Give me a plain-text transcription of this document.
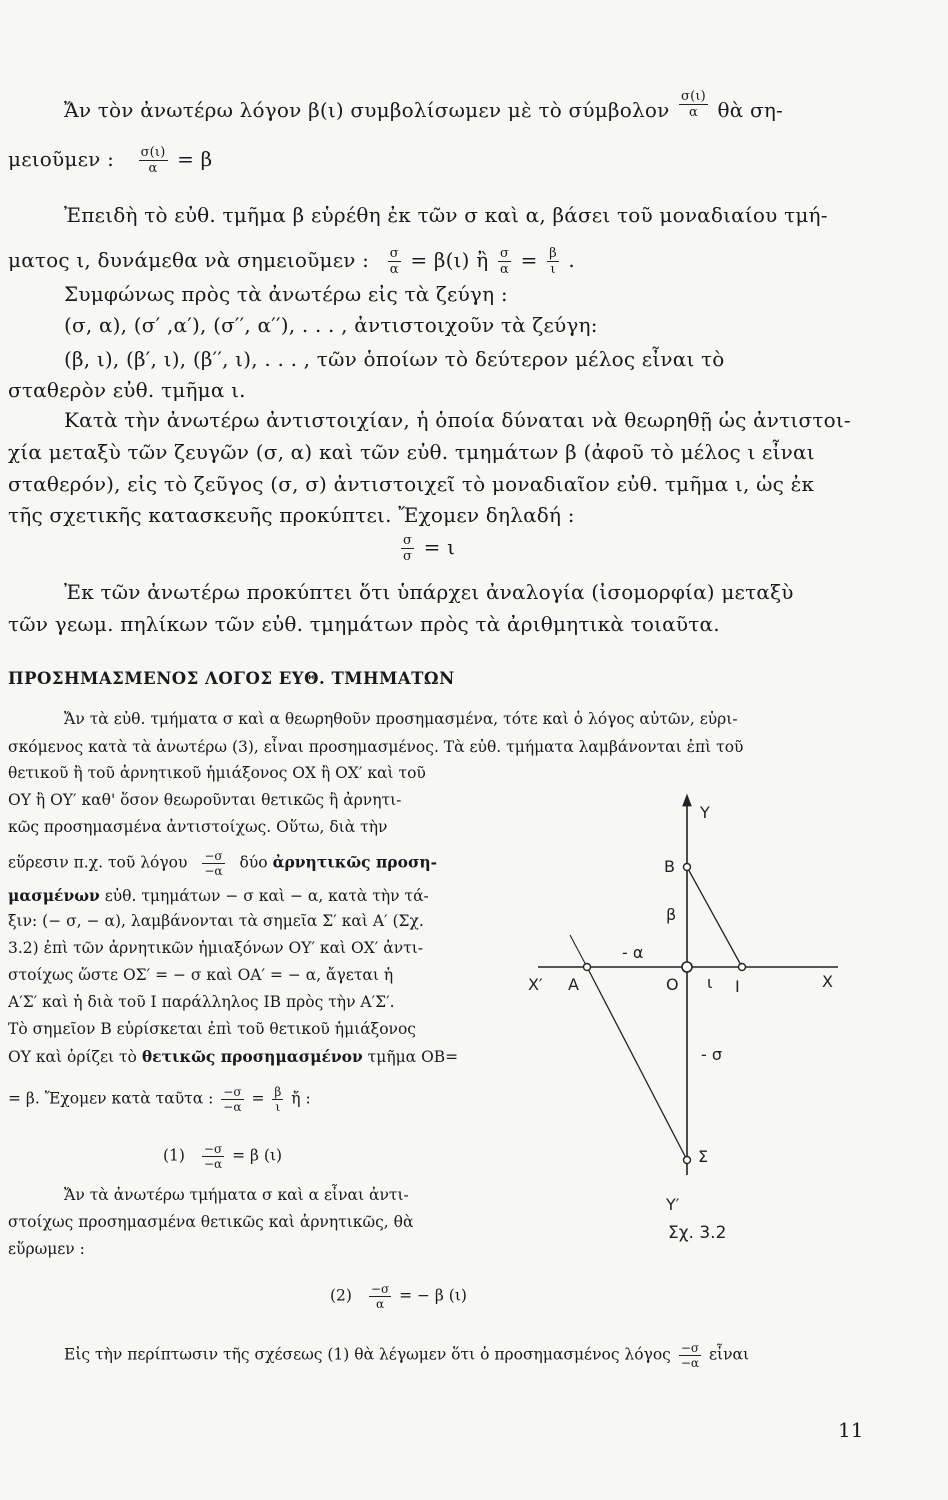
Ἄν τὸν ἀνωτέρω λόγον β(ι) συμβολίσωμεν μὲ τὸ σύμβολον $\frac{\sigma(\iota)}{\alpha}$ θὰ ση-
μειοῦμεν : $\frac{\sigma(\iota)}{\alpha} = \beta$
Ἐπειδὴ τὸ εὐθ. τμῆμα β εὑρέθη ἐκ τῶν σ καὶ α, βάσει τοῦ μοναδιαίου τμή-
ματος ι, δυνάμεθα νὰ σημειοῦμεν : $\frac{\sigma}{\alpha} = \beta(\iota)$ ἢ $\frac{\sigma}{\alpha} = \frac{\beta}{\iota}$ .
Συμφώνως πρὸς τὰ ἀνωτέρω εἰς τὰ ζεύγη :
(σ, α), (σ′ ,α′), (σ′′, α′′), . . . , ἀντιστοιχοῦν τὰ ζεύγη:
(β, ι), (β′, ι), (β′′, ι), . . . , τῶν ὁποίων τὸ δεύτερον μέλος εἶναι τὸ
σταθερὸν εὐθ. τμῆμα ι.
Κατὰ τὴν ἀνωτέρω ἀντιστοιχίαν, ἡ ὁποία δύναται νὰ θεωρηθῇ ὡς ἀντιστοι-
χία μεταξὺ τῶν ζευγῶν (σ, α) καὶ τῶν εὐθ. τμημάτων β (ἀφοῦ τὸ μέλος ι εἶναι
σταθερόν), εἰς τὸ ζεῦγος (σ, σ) ἀντιστοιχεῖ τὸ μοναδιαῖον εὐθ. τμῆμα ι, ὡς ἐκ
τῆς σχετικῆς κατασκευῆς προκύπτει. Ἔχομεν δηλαδή :
$\frac{\sigma}{\sigma} = \iota$
Ἐκ τῶν ἀνωτέρω προκύπτει ὅτι ὑπάρχει ἀναλογία (ἰσομορφία) μεταξὺ
τῶν γεωμ. πηλίκων τῶν εὐθ. τμημάτων πρὸς τὰ ἀριθμητικὰ τοιαῦτα.
ΠΡΟΣΗΜΑΣΜΕΝΟΣ ΛΟΓΟΣ ΕΥΘ. ΤΜΗΜΑΤΩΝ
Ἄν τὰ εὐθ. τμήματα σ καὶ α θεωρηθοῦν προσημασμένα, τότε καὶ ὁ λόγος αὐτῶν, εὑρι-
σκόμενος κατὰ τὰ ἀνωτέρω (3), εἶναι προσημασμένος. Τὰ εὐθ. τμήματα λαμβάνονται ἐπὶ τοῦ
θετικοῦ ἢ τοῦ ἀρνητικοῦ ἡμιάξονος ΟΧ ἢ ΟΧ′ καὶ τοῦ
ΟΥ ἢ ΟΥ′ καθ' ὅσον θεωροῦνται θετικῶς ἢ ἀρνητι-
κῶς προσημασμένα ἀντιστοίχως. Οὕτω, διὰ τὴν
εὕρεσιν π.χ. τοῦ λόγου $\frac{-\sigma}{-\alpha}$ δύο ἀρνητικῶς προση-
μασμένων εὐθ. τμημάτων − σ καὶ − α, κατὰ τὴν τά-
ξιν: (− σ, − α), λαμβάνονται τὰ σημεῖα Σ′ καὶ Α′ (Σχ.
3.2) ἐπὶ τῶν ἀρνητικῶν ἡμιαξόνων ΟΥ′ καὶ ΟΧ′ ἀντι-
στοίχως ὥστε ΟΣ′ = − σ καὶ ΟΑ′ = − α, ἄγεται ἡ
Α′Σ′ καὶ ἡ διὰ τοῦ Ι παράλληλος ΙΒ πρὸς τὴν Α′Σ′.
Τὸ σημεῖον Β εὑρίσκεται ἐπὶ τοῦ θετικοῦ ἡμιάξονος
ΟΥ καὶ ὁρίζει τὸ θετικῶς προσημασμένον τμῆμα ΟΒ=
= β. Ἔχομεν κατὰ ταῦτα : $\frac{-\sigma}{-\alpha} = \frac{\beta}{\iota}$ ἤ :
$(1) \frac{-\sigma}{-\alpha} = \beta$ (ι)
Ἄν τὰ ἀνωτέρω τμήματα σ καὶ α εἶναι ἀντι-
στοίχως προσημασμένα θετικῶς καὶ ἀρνητικῶς, θὰ
εὕρωμεν :
$(2) \frac{-\sigma}{\alpha}$ = − β (ι)
Εἰς τὴν περίπτωσιν τῆς σχέσεως (1) θὰ λέγωμεν ὅτι ὁ προσημασμένος λόγος $\frac{-\sigma}{-\alpha}$ εἶναι
11
Υ
Υ′
Χ
Χ′	Ο
Α	Ι
ι
Β
β
Σ
- α
- σ
Σχ. 3.2
